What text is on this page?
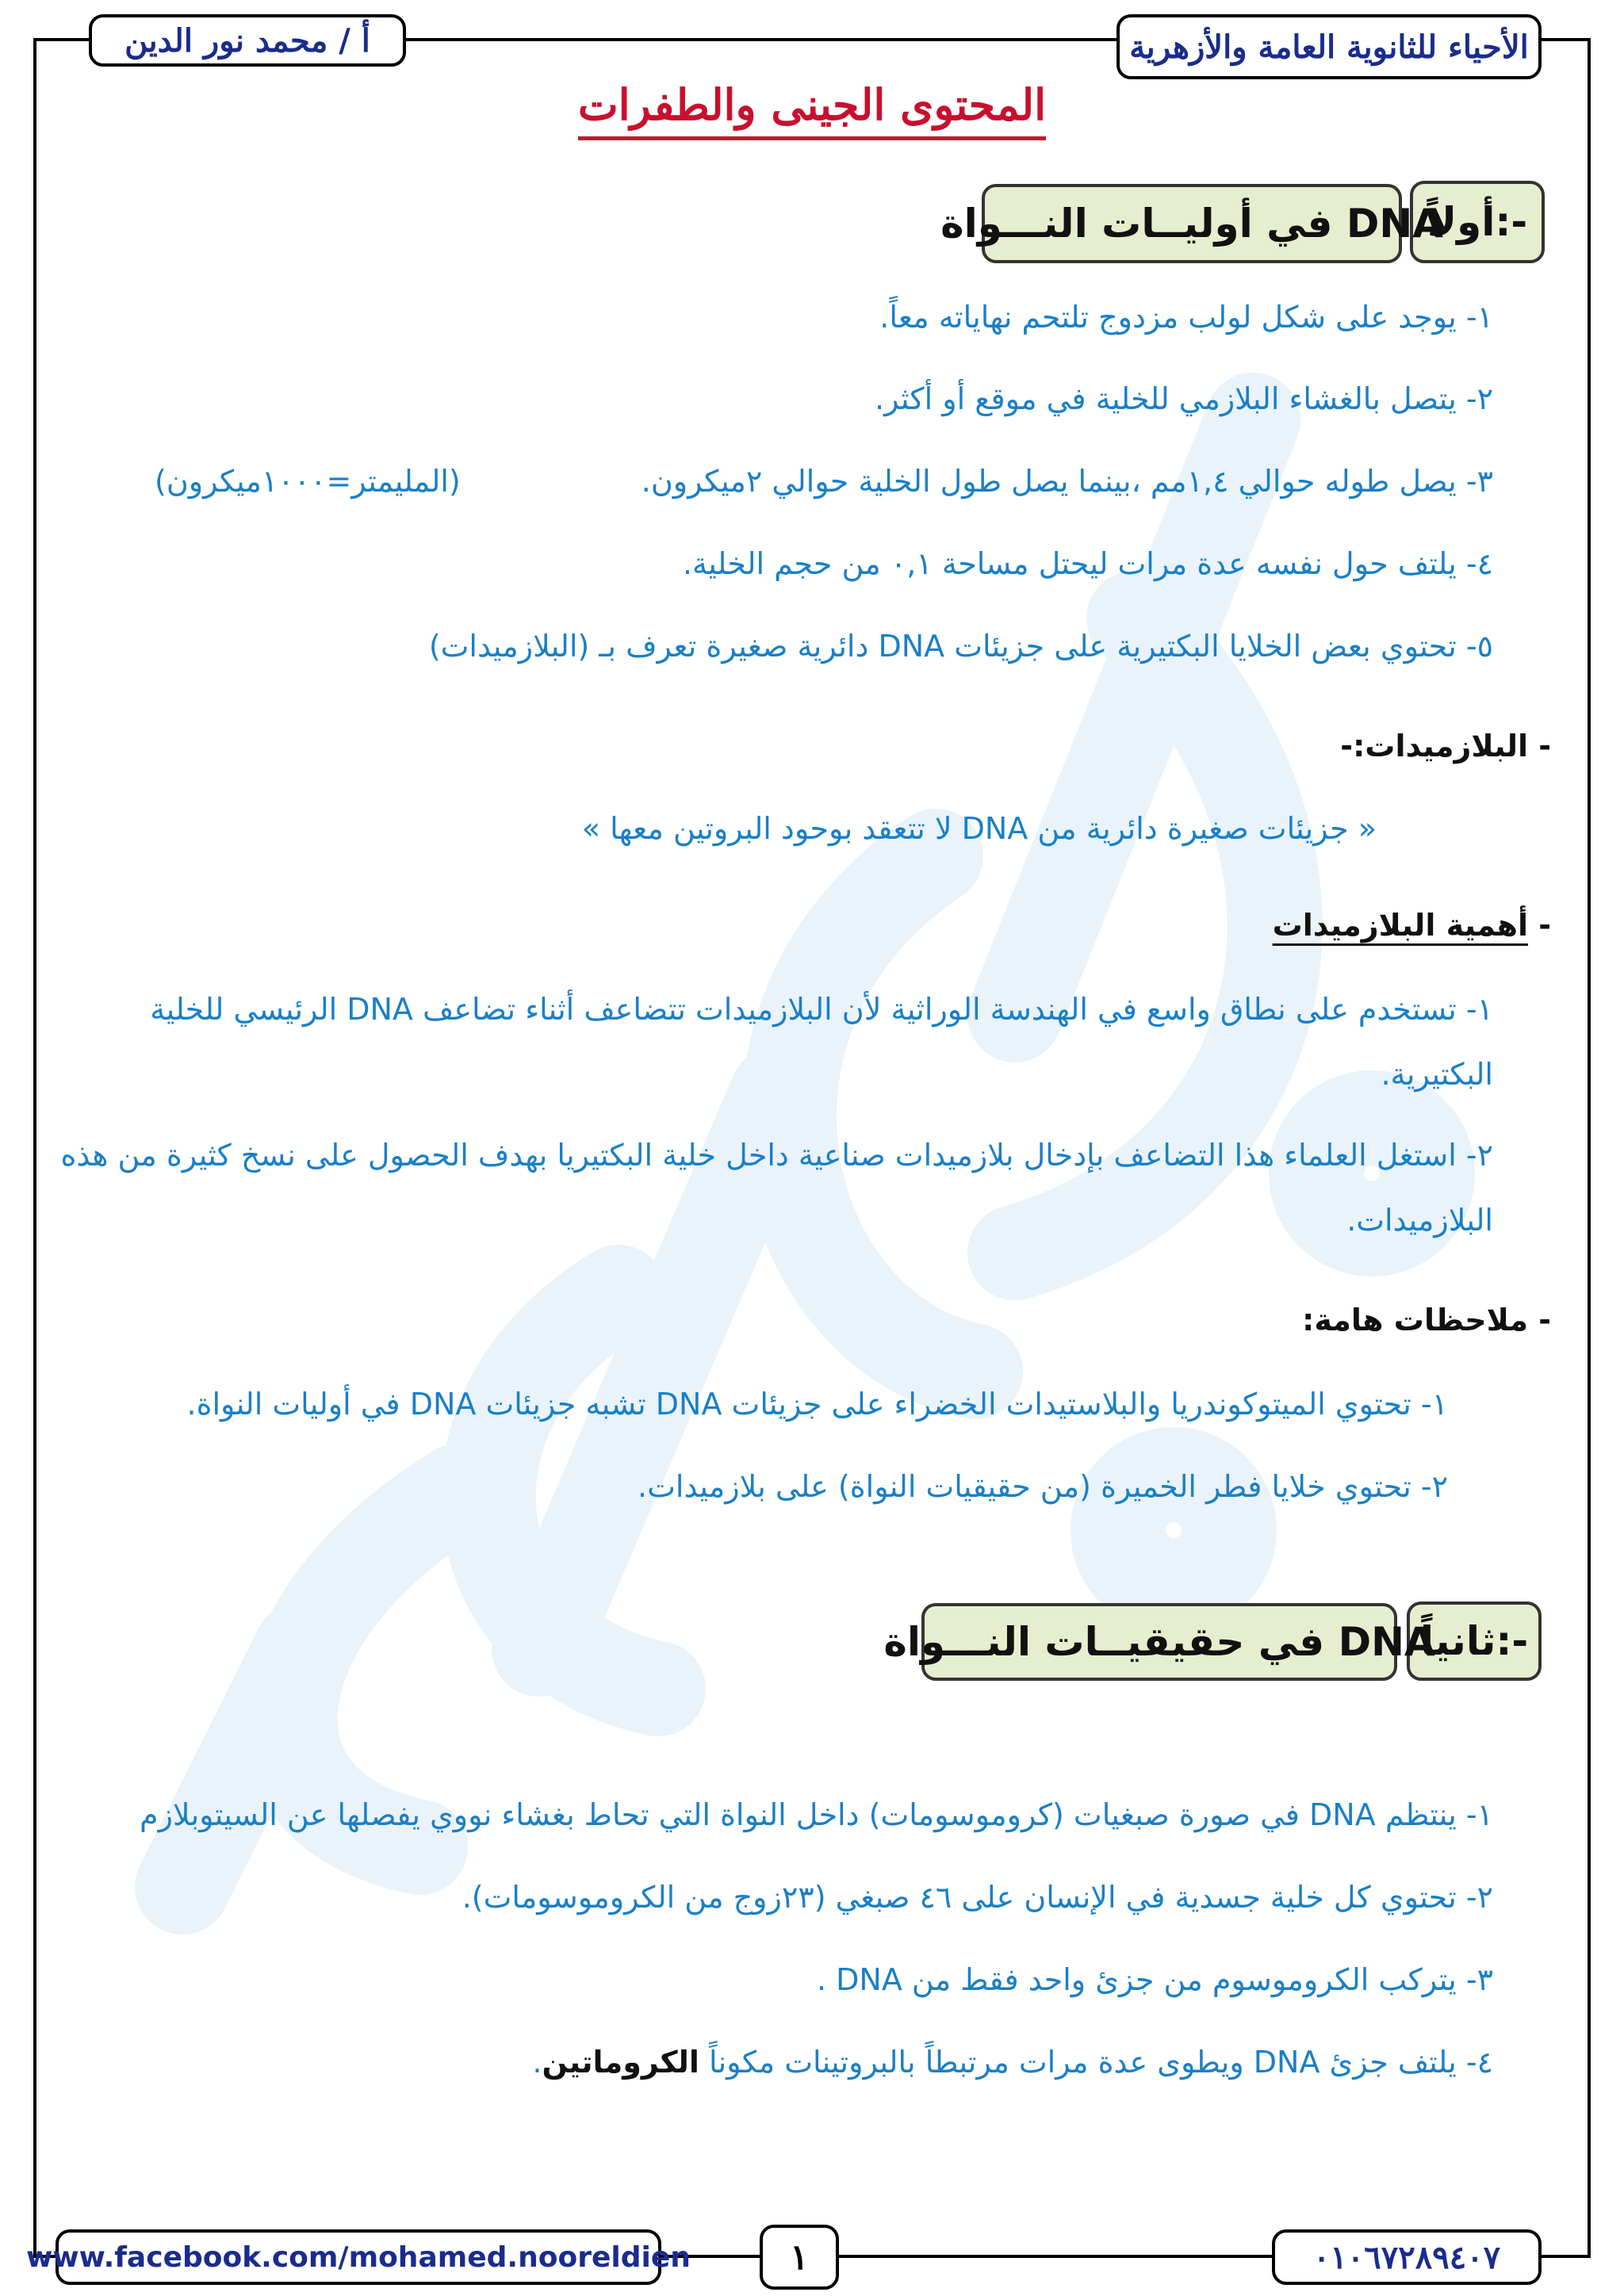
أ / محمد نور الدين	الأحياء للثانوية العامة والأزهرية
المحتوى الجينى والطفرات
أولاً:-
DNA في أوليــات النـــواة
١- يوجد على شكل لولب مزدوج تلتحم نهاياته معاً.
٢- يتصل بالغشاء البلازمي للخلية في موقع أو أكثر.
٣- يصل طوله حوالي ١,٤مم ،بينما يصل طول الخلية حوالي ٢ميكرون.
(المليمتر=١٠٠٠ميكرون)
٤- يلتف حول نفسه عدة مرات ليحتل مساحة ٠,١ من حجم الخلية.
٥- تحتوي بعض الخلايا البكتيرية على جزيئات DNA دائرية صغيرة تعرف بـ (البلازميدات)
- البلازميدات:-
« جزيئات صغيرة دائرية من DNA لا تتعقد بوحود البروتين معها »
- أهمية البلازميدات
١- تستخدم على نطاق واسع في الهندسة الوراثية لأن البلازميدات تتضاعف أثناء تضاعف DNA الرئيسي للخلية
البكتيرية.
٢- استغل العلماء هذا التضاعف بإدخال بلازميدات صناعية داخل خلية البكتيريا بهدف الحصول على نسخ كثيرة من هذه
البلازميدات.
- ملاحظات هامة:
١- تحتوي الميتوكوندريا والبلاستيدات الخضراء على جزيئات DNA تشبه جزيئات DNA في أوليات النواة.
٢- تحتوي خلايا فطر الخميرة (من حقيقيات النواة) على بلازميدات.
ثانياً:-
DNA في حقيقيــات النـــواة
١- ينتظم DNA في صورة صبغيات (كروموسومات) داخل النواة التي تحاط بغشاء نووي يفصلها عن السيتوبلازم
٢- تحتوي كل خلية جسدية في الإنسان على ٤٦ صبغي (٢٣زوج من الكروموسومات).
٣- يتركب الكروموسوم من جزئ واحد فقط من DNA .
٤- يلتف جزئ DNA ويطوى عدة مرات مرتبطاً بالبروتينات مكوناً الكروماتين.
www.facebook.com/mohamed.nooreldien	١	٠١٠٦٧٢٨٩٤٠٧
